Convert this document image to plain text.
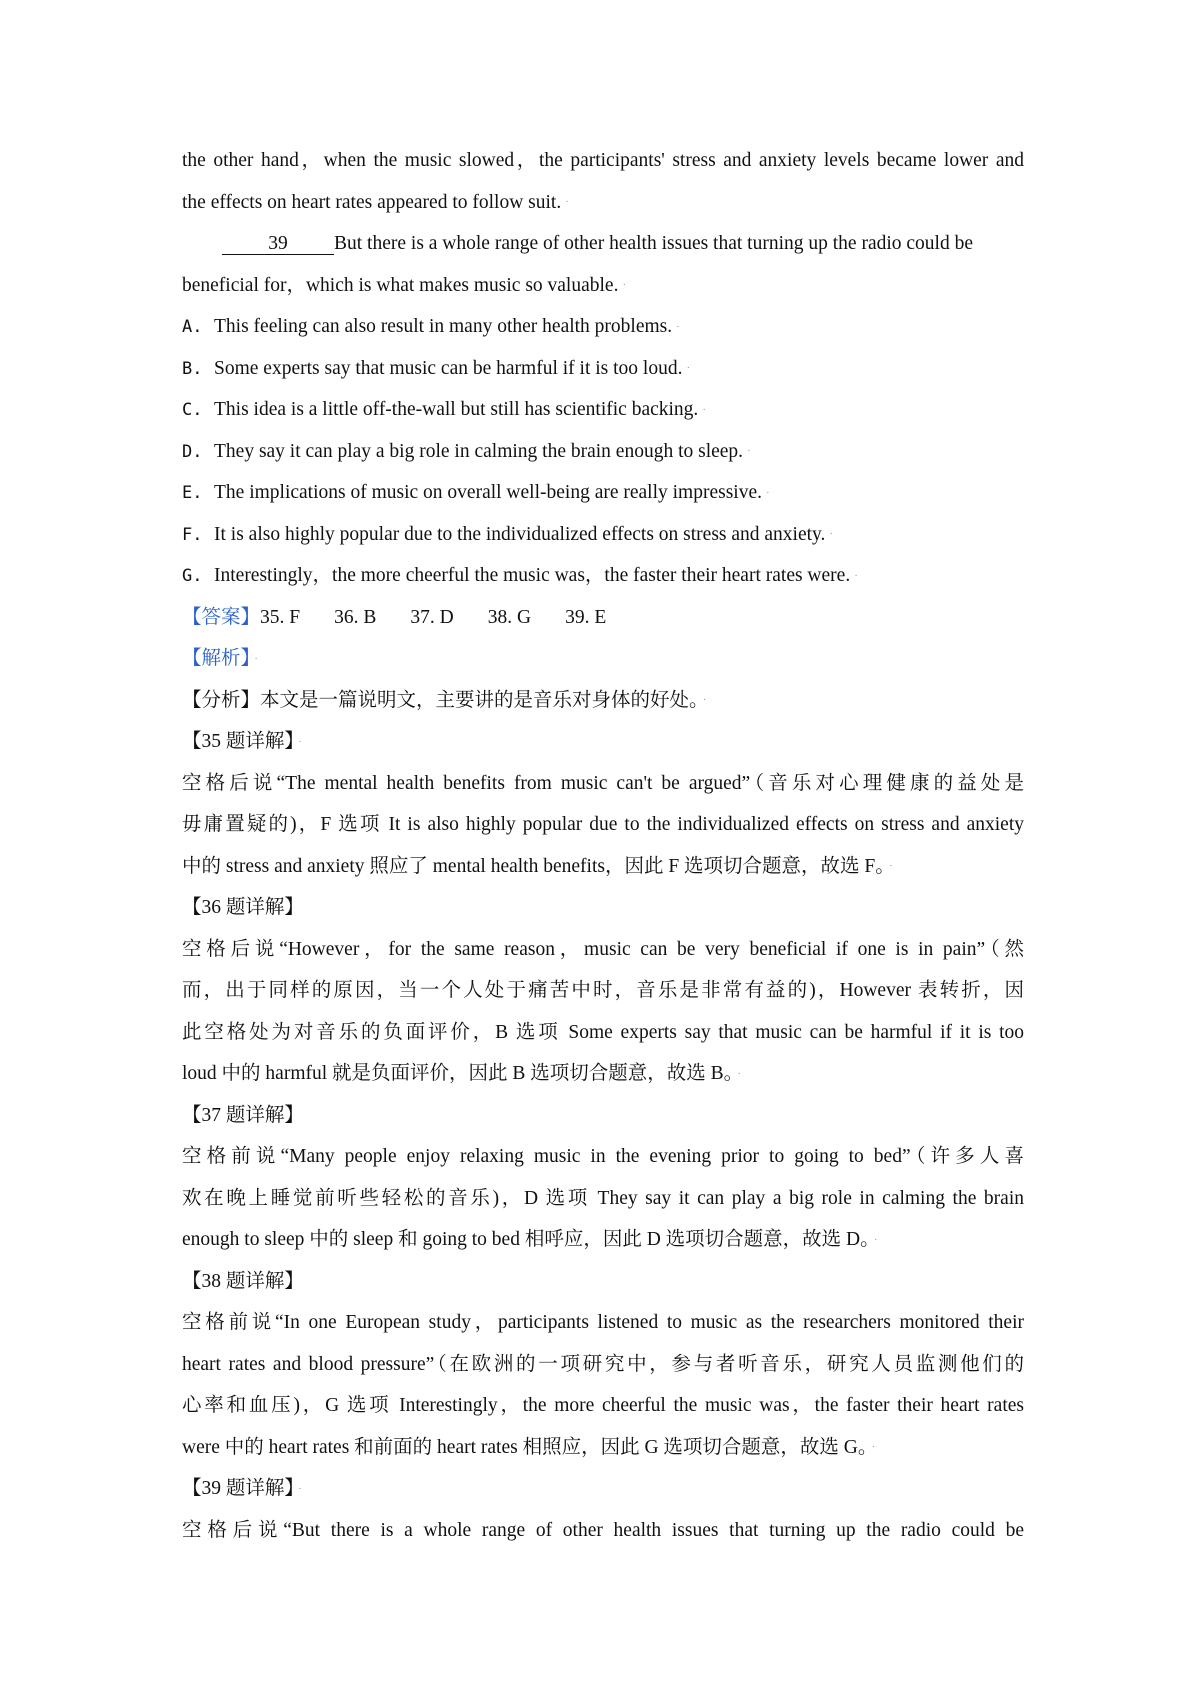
the other hand，when the music slowed，the participants' stress and anxiety levels became lower and
the effects on heart rates appeared to follow suit. ·
39 But there is a whole range of other health issues that turning up the radio could be
beneficial for，which is what makes music so valuable. ·
A. This feeling can also result in many other health problems. ·
B. Some experts say that music can be harmful if it is too loud. ·
C. This idea is a little off-the-wall but still has scientific backing. ·
D. They say it can play a big role in calming the brain enough to sleep. ·
E. The implications of music on overall well-being are really impressive. ·
F. It is also highly popular due to the individualized effects on stress and anxiety. ·
G. Interestingly，the more cheerful the music was，the faster their heart rates were. ·
【答案】35. F 36. B 37. D 38. G 39. E
【解析】 ·
【分析】本文是一篇说明文，主要讲的是音乐对身体的好处。 ·
【35 题详解】 ·
空格后说“The mental health benefits from music can't be argued”（音乐对心理健康的益处是
毋庸置疑的)，F 选项 It is also highly popular due to the individualized effects on stress and anxiety
中的 stress and anxiety 照应了 mental health benefits，因此 F 选项切合题意，故选 F。 ·
【36 题详解】
空格后说“However，for the same reason，music can be very beneficial if one is in pain”（然
而，出于同样的原因，当一个人处于痛苦中时，音乐是非常有益的)，However 表转折，因
此空格处为对音乐的负面评价，B 选项 Some experts say that music can be harmful if it is too
loud 中的 harmful 就是负面评价，因此 B 选项切合题意，故选 B。 ·
【37 题详解】
空格前说“Many people enjoy relaxing music in the evening prior to going to bed”（许多人喜
欢在晚上睡觉前听些轻松的音乐)，D 选项 They say it can play a big role in calming the brain
enough to sleep 中的 sleep 和 going to bed 相呼应，因此 D 选项切合题意，故选 D。 ·
【38 题详解】
空格前说“In one European study，participants listened to music as the researchers monitored their
heart rates and blood pressure”（在欧洲的一项研究中，参与者听音乐，研究人员监测他们的
心率和血压)，G 选项 Interestingly，the more cheerful the music was，the faster their heart rates
were 中的 heart rates 和前面的 heart rates 相照应，因此 G 选项切合题意，故选 G。 ·
【39 题详解】 ·
空格后说“But there is a whole range of other health issues that turning up the radio could be
